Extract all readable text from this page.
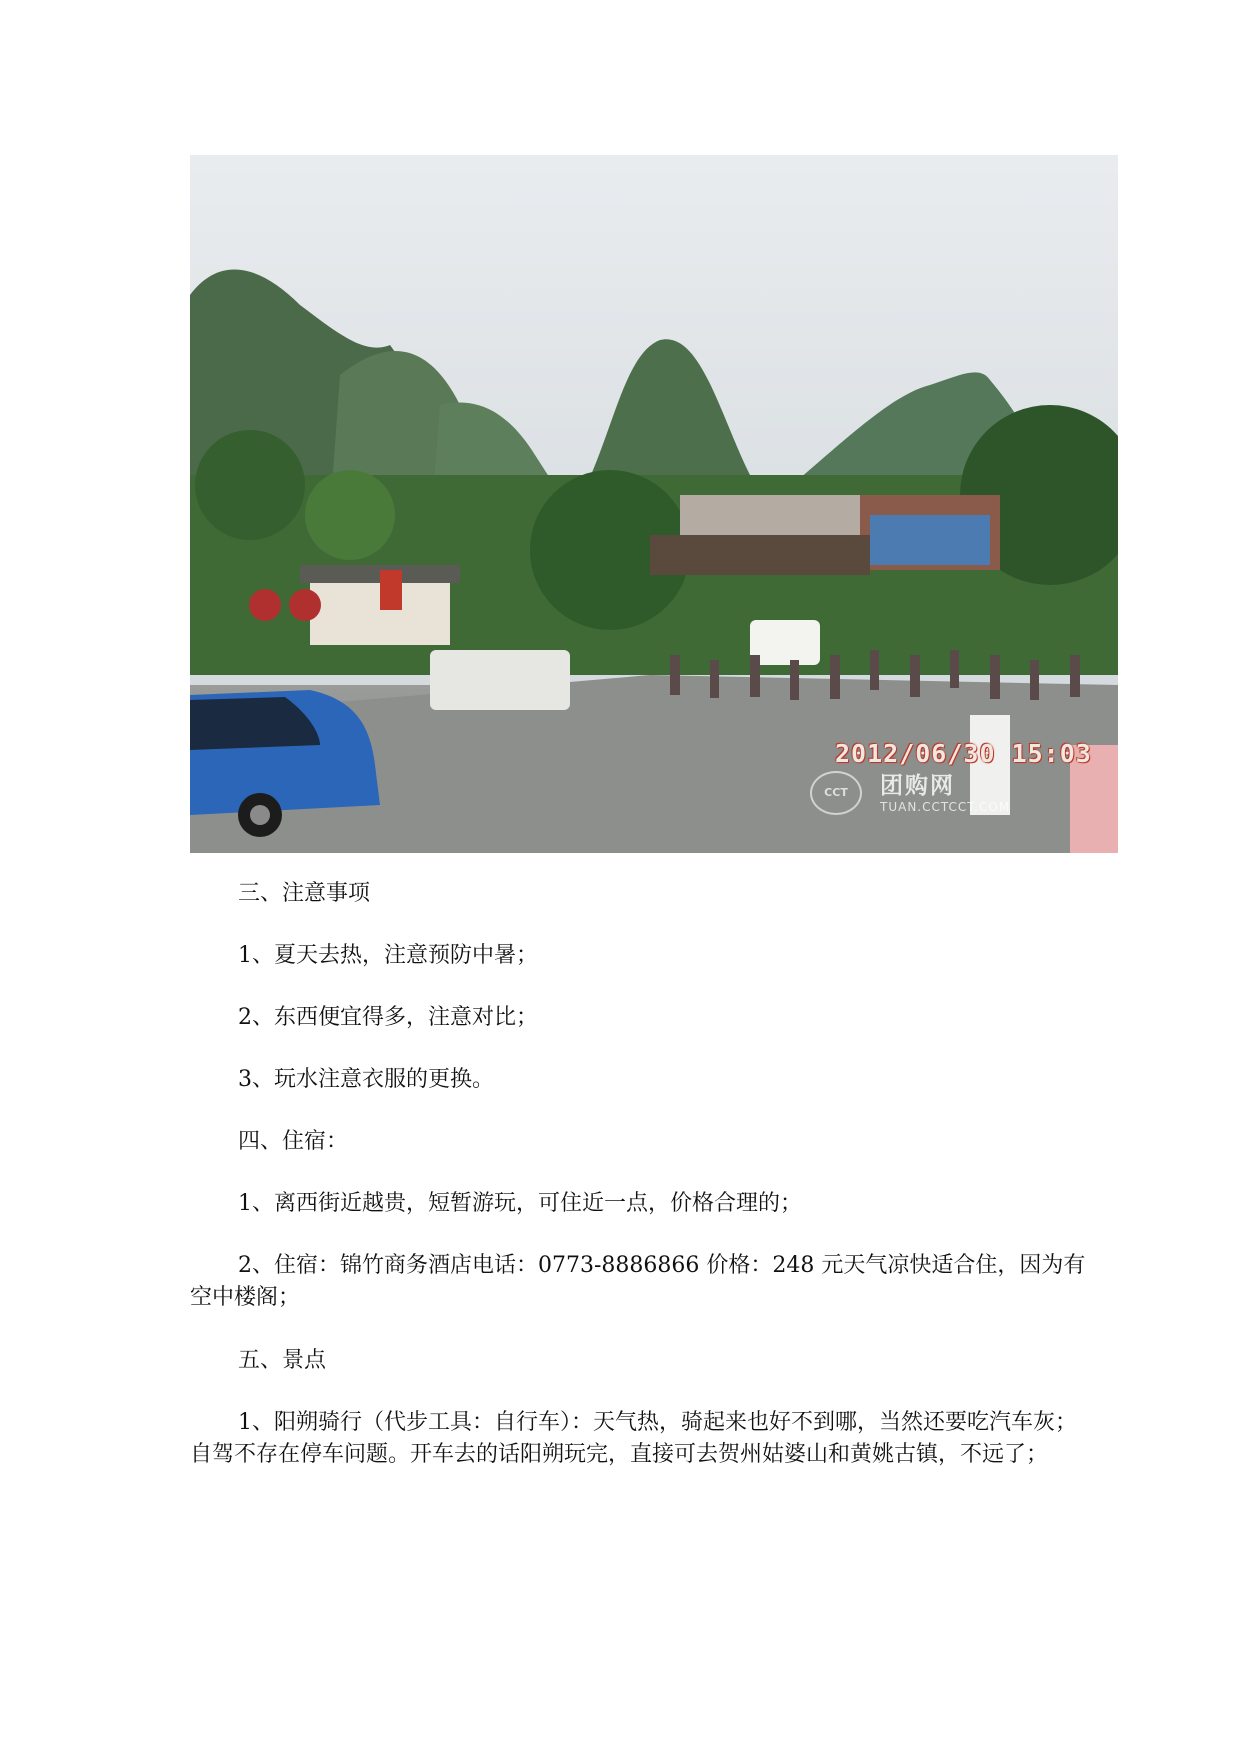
2012/06/30 15:03
CCT	团购网
TUAN.CCTCCT.COM

三、注意事项

1、夏天去热，注意预防中暑；

2、东西便宜得多，注意对比；

3、玩水注意衣服的更换。

四、住宿：

1、离西街近越贵，短暂游玩，可住近一点，价格合理的；

2、住宿：锦竹商务酒店电话：0773-8886866 价格：248 元天气凉快适合住，因为有空中楼阁；

五、景点

1、阳朔骑行（代步工具：自行车）：天气热，骑起来也好不到哪，当然还要吃汽车灰；自驾不存在停车问题。开车去的话阳朔玩完，直接可去贺州姑婆山和黄姚古镇，不远了；
